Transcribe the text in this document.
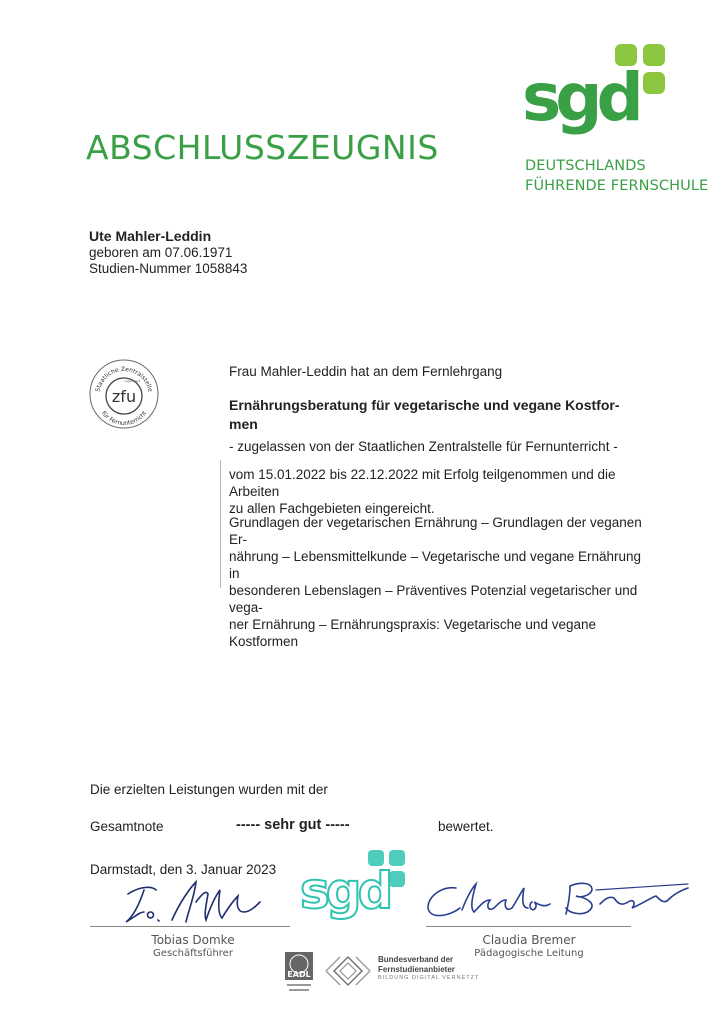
ABSCHLUSSZEUGNIS
sgd
DEUTSCHLANDS
FÜHRENDE FERNSCHULE
Ute Mahler-Leddin
geboren am 07.06.1971
Studien-Nummer 1058843
Staatliche Zentralstelle
für Fernunterricht
organisiert
zfu
Frau Mahler-Leddin hat an dem Fernlehrgang
Ernährungsberatung für vegetarische und vegane Kostfor-
men
- zugelassen von der Staatlichen Zentralstelle für Fernunterricht -
vom 15.01.2022 bis 22.12.2022 mit Erfolg teilgenommen und die Arbeiten
zu allen Fachgebieten eingereicht.
Grundlagen der vegetarischen Ernährung – Grundlagen der veganen Er-
nährung – Lebensmittelkunde – Vegetarische und vegane Ernährung in
besonderen Lebenslagen – Präventives Potenzial vegetarischer und vega-
ner Ernährung – Ernährungspraxis: Vegetarische und vegane Kostformen
Die erzielten Leistungen wurden mit der
Gesamtnote	----- sehr gut -----	bewertet.
Darmstadt, den 3. Januar 2023 sgd
Tobias Domke
Geschäftsführer
Claudia Bremer
Pädagogische Leitung
EADL
Bundesverband der
Fernstudienanbieter
BILDUNG DIGITAL VERNETZT
